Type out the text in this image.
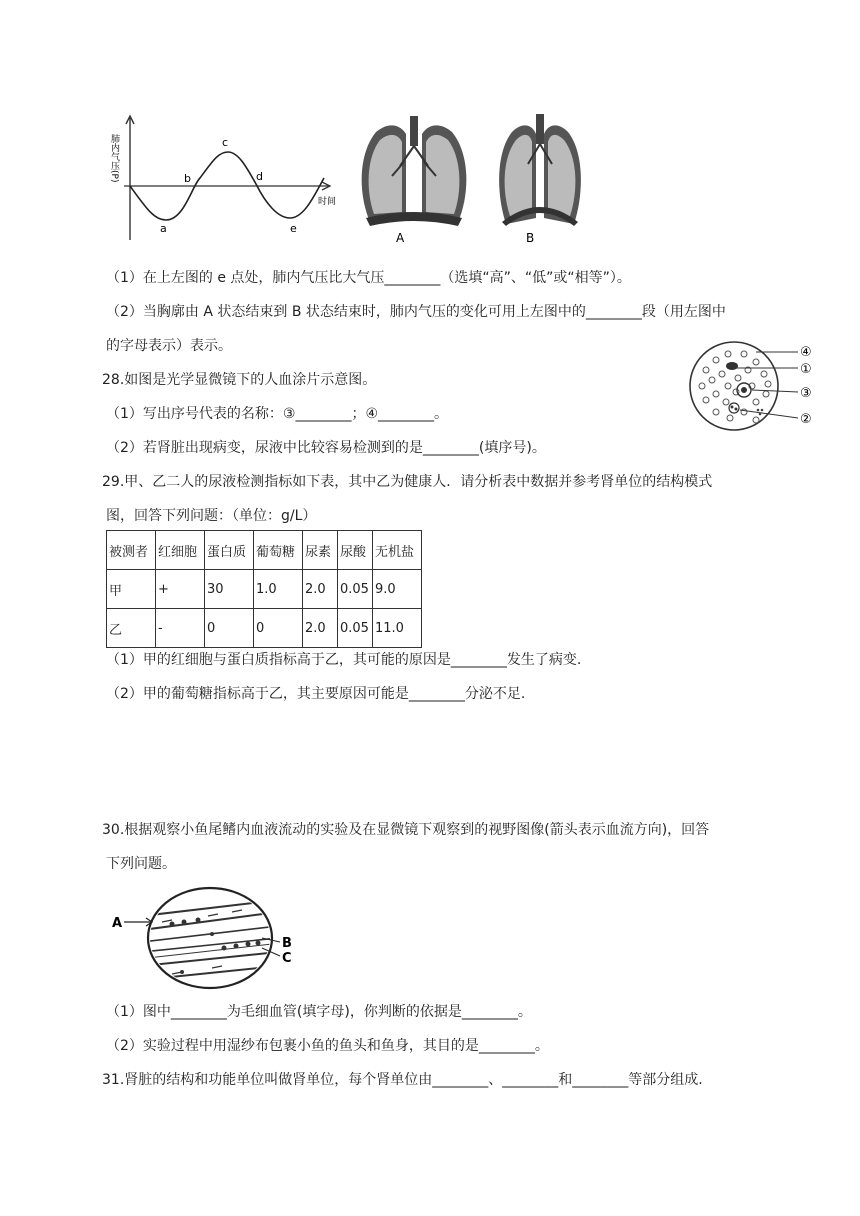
肺内气压(P)
时间
a
b
c
d
e
A	B
（1）在上左图的 e 点处，肺内气压比大气压________（选填“高”、“低”或“相等”）。
（2）当胸廓由 A 状态结束到 B 状态结束时，肺内气压的变化可用上左图中的________段（用左图中
的字母表示）表示。	④
①
③
②
28.如图是光学显微镜下的人血涂片示意图。
（1）写出序号代表的名称：③________；④________。
（2）若肾脏出现病变，尿液中比较容易检测到的是________(填序号)。
29.甲、乙二人的尿液检测指标如下表，其中乙为健康人．请分析表中数据并参考肾单位的结构模式
图，回答下列问题：（单位：g/L）
被测者	红细胞	蛋白质	葡萄糖	尿素	尿酸	无机盐
甲	+	30	1.0	2.0	0.05	9.0
乙	-	0	0	2.0	0.05	11.0
（1）甲的红细胞与蛋白质指标高于乙，其可能的原因是________发生了病变.
（2）甲的葡萄糖指标高于乙，其主要原因可能是________分泌不足.
30.根据观察小鱼尾鳍内血液流动的实验及在显微镜下观察到的视野图像(箭头表示血流方向)，回答
下列问题。
A
B
C
（1）图中________为毛细血管(填字母)，你判断的依据是________。
（2）实验过程中用湿纱布包裹小鱼的鱼头和鱼身，其目的是________。
31.肾脏的结构和功能单位叫做肾单位，每个肾单位由________、________和________等部分组成.
